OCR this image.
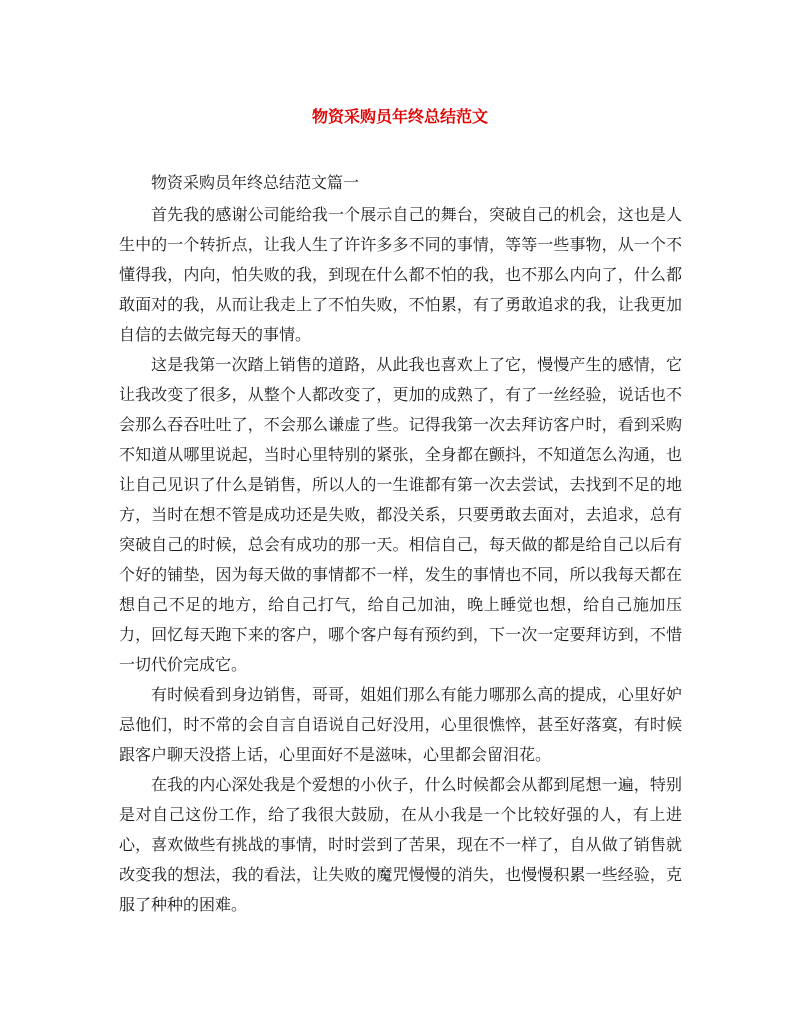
物资采购员年终总结范文

物资采购员年终总结范文篇一

首先我的感谢公司能给我一个展示自己的舞台，突破自己的机会，这也是人生中的一个转折点，让我人生了许许多多不同的事情，等等一些事物，从一个不懂得我，内向，怕失败的我，到现在什么都不怕的我，也不那么内向了，什么都敢面对的我，从而让我走上了不怕失败，不怕累，有了勇敢追求的我，让我更加自信的去做完每天的事情。

这是我第一次踏上销售的道路，从此我也喜欢上了它，慢慢产生的感情，它让我改变了很多，从整个人都改变了，更加的成熟了，有了一丝经验，说话也不会那么吞吞吐吐了，不会那么谦虚了些。记得我第一次去拜访客户时，看到采购不知道从哪里说起，当时心里特别的紧张，全身都在颤抖，不知道怎么沟通，也让自己见识了什么是销售，所以人的一生谁都有第一次去尝试，去找到不足的地方，当时在想不管是成功还是失败，都没关系，只要勇敢去面对，去追求，总有突破自己的时候，总会有成功的那一天。相信自己，每天做的都是给自己以后有个好的铺垫，因为每天做的事情都不一样，发生的事情也不同，所以我每天都在想自己不足的地方，给自己打气，给自己加油，晚上睡觉也想，给自己施加压力，回忆每天跑下来的客户，哪个客户每有预约到，下一次一定要拜访到，不惜一切代价完成它。

有时候看到身边销售，哥哥，姐姐们那么有能力哪那么高的提成，心里好妒忌他们，时不常的会自言自语说自己好没用，心里很憔悴，甚至好落寞，有时候跟客户聊天没搭上话，心里面好不是滋味，心里都会留泪花。

在我的内心深处我是个爱想的小伙子，什么时候都会从都到尾想一遍，特别是对自己这份工作，给了我很大鼓励，在从小我是一个比较好强的人，有上进心，喜欢做些有挑战的事情，时时尝到了苦果，现在不一样了，自从做了销售就改变我的想法，我的看法，让失败的魔咒慢慢的消失，也慢慢积累一些经验，克服了种种的困难。
